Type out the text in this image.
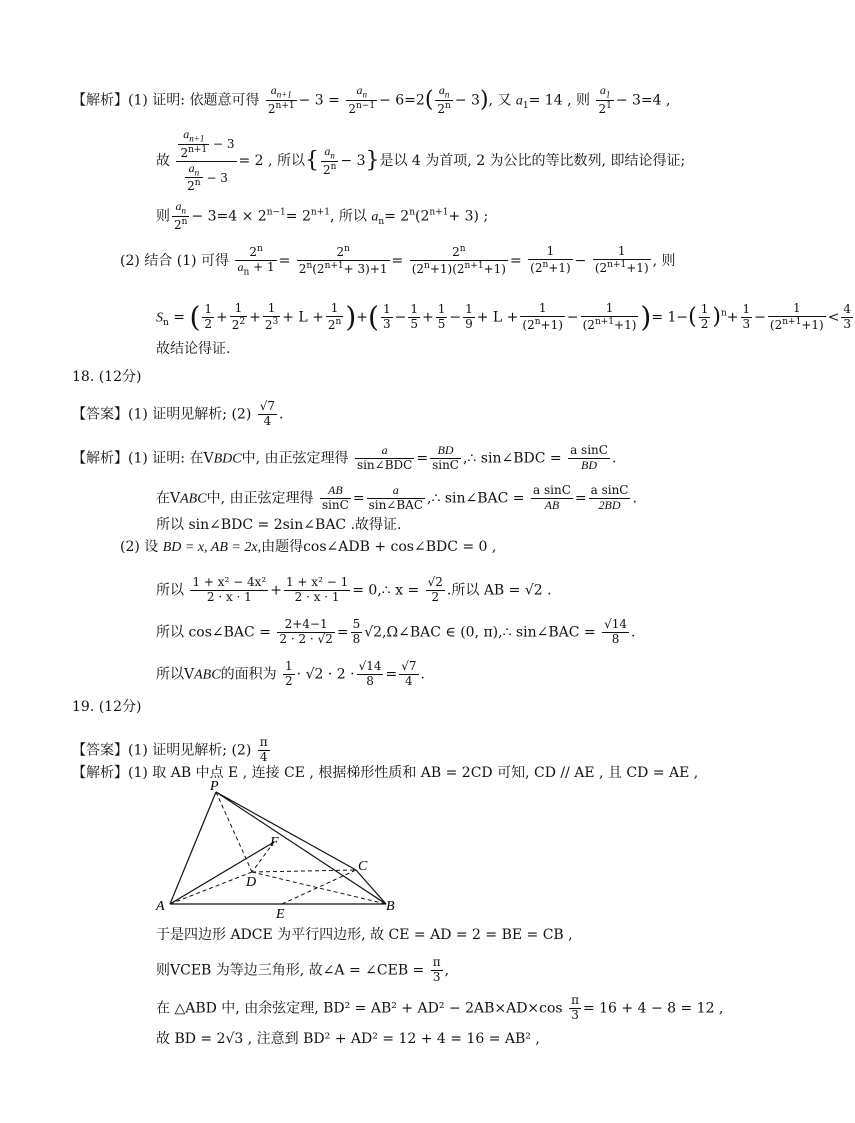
【解析】(1) 证明: 依题意可得 $\frac{a_{n+1}}{2^{n+1}} - 3 = \frac{a_n}{2^{n-1}} - 6=2( \frac{a_n}{2^n} - 3)$, 又 $a_1= 14$ , 则 $\frac{a_1}{2^1} - 3=4$ ,
故 $\frac{\frac{a_{n+1}}{2^{n+1}} - 3}{\frac{a_n}{2^n} - 3} = 2$ , 所以{ $\frac{a_n}{2^n} - 3$}是以 4 为首项, 2 为公比的等比数列, 即结论得证;
则 $\frac{a_n}{2^n} - 3=4 \times 2^{n-1}= 2^{n+1}$, 所以 $a_n= 2^n(2^{n+1}+ 3)$ ;
(2) 结合 (1) 可得 $\frac{2^n}{a_n + 1} = \frac{2^n}{2^n(2^{n+1}+ 3)+1} = \frac{2^n}{(2^n+1)(2^{n+1}+1)} = \frac{1}{(2^n+1)} - \frac{1}{(2^{n+1}+1)}$ , 则
$S_n$ = ( $\frac{1}{2} + \frac{1}{2^2} + \frac{1}{2^3} + L + \frac{1}{2^n}$ )+( $\frac{1}{3} - \frac{1}{5} + \frac{1}{5} - \frac{1}{9} + L + \frac{1}{(2^n+1)} - \frac{1}{(2^{n+1}+1)}$ )= $1-( \frac{1}{2} )^n+ \frac{1}{3} - \frac{1}{(2^{n+1}+1)} < \frac{4}{3}$
故结论得证.
18. (12分)
【答案】(1) 证明见解析; $(2) \frac{√7}{4}$ .
【解析】(1) 证明: 在VBDC中, 由正弦定理得 $\frac{a}{\text{sin∠BDC}} = \frac{BD}{\sin C}$ ,∴ sin∠BDC = $\frac{\text{a sinC}}{BD}$ .
在VABC中, 由正弦定理得 $\frac{AB}{\sin C} = \frac{a}{\text{sin∠BAC}}$ ,∴ sin∠BAC = $\frac{\text{a sinC}}{AB} = \frac{\text{a sinC}}{2BD}$ .
所以 sin∠BDC = 2sin∠BAC .故得证.
(2) 设 BD = x, AB = 2x,由题得cos∠ADB + cos∠BDC = 0 ,
所以 $\frac{\text{1 + x² − 4x²}}{2 \cdot x \cdot 1} + \frac{\text{1 + x² − 1}}{2 \cdot x \cdot 1}$ = 0,∴ $x = \frac{√2}{2}$ .所以 AB = √2 .
所以 cos∠BAC = $\frac{2+4-1}{2 \cdot 2 \cdot √2} = \frac{5}{8}$ √2,Ω∠BAC ∈ (0, π),∴ sin∠BAC = $\frac{√14}{8}$ .
所以VABC的面积为 $\frac{1}{2} \cdot √2 \cdot 2 \cdot \frac{√14}{8} = \frac{√7}{4}$ .
19. (12分)
【答案】(1) 证明见解析; $(2) \frac{\pi}{4}$
【解析】(1) 取 AB 中点 E , 连接 CE , 根据梯形性质和 AB = 2CD 可知, CD // AE , 且 CD = AE ,
P
F
C
D
A
E
B
于是四边形 ADCE 为平行四边形, 故 CE = AD = 2 = BE = CB ,
则VCEB 为等边三角形, 故∠A = ∠CEB = $\frac{\pi}{3}$ ,
在 △ABD 中, 由余弦定理, $BD^2 = AB^2 + AD^2 - 2AB\times AD\times\cos \frac{\pi}{3} = 16 + 4 - 8 = 12$ ,
故 BD = 2√3 , 注意到 BD² + AD² = 12 + 4 = 16 = AB² ,
